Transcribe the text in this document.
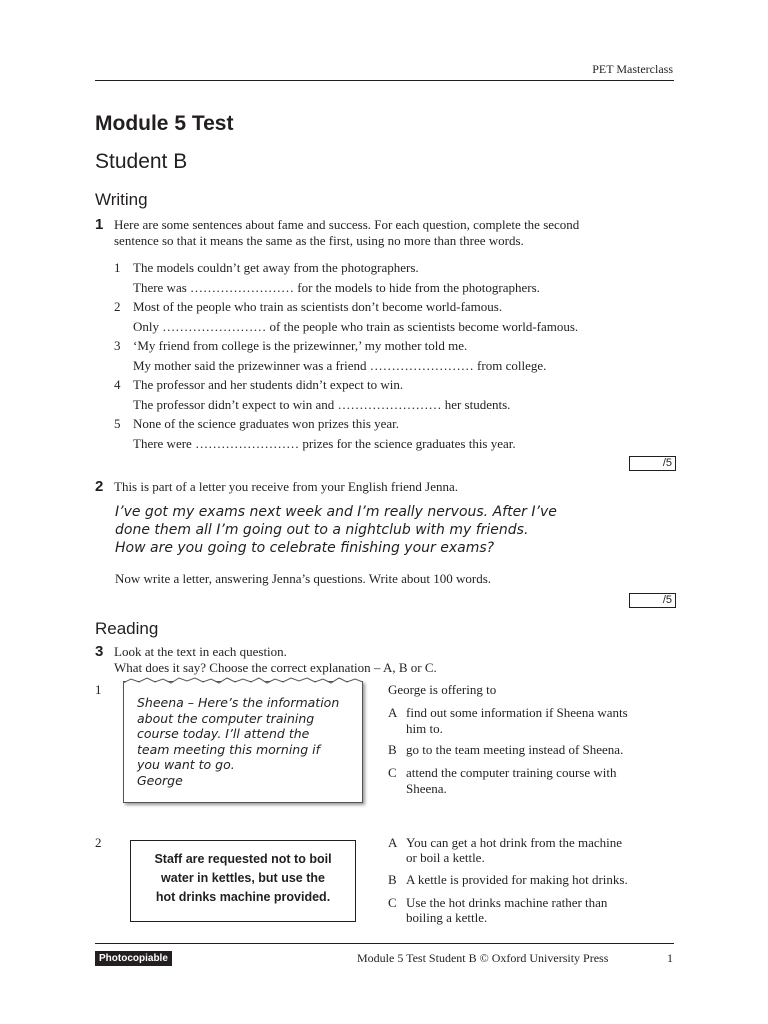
PET Masterclass
Module 5 Test
Student B
Writing
1 Here are some sentences about fame and success. For each question, complete the second
sentence so that it means the same as the first, using no more than three words.
1 The models couldn’t get away from the photographers.
There was …………………… for the models to hide from the photographers.
2 Most of the people who train as scientists don’t become world-famous.
Only …………………… of the people who train as scientists become world-famous.
3 ‘My friend from college is the prizewinner,’ my mother told me.
My mother said the prizewinner was a friend …………………… from college.
4 The professor and her students didn’t expect to win.
The professor didn’t expect to win and …………………… her students.
5 None of the science graduates won prizes this year.
There were …………………… prizes for the science graduates this year.
/5
2 This is part of a letter you receive from your English friend Jenna.
I’ve got my exams next week and I’m really nervous. After I’ve
done them all I’m going out to a nightclub with my friends.
How are you going to celebrate finishing your exams?
Now write a letter, answering Jenna’s questions. Write about 100 words.
/5
Reading
3 Look at the text in each question.
What does it say? Choose the correct explanation – A, B or C.
1
Sheena – Here’s the information
about the computer training
course today. I’ll attend the
team meeting this morning if
you want to go.
George
George is offering to
A find out some information if Sheena wants
him to.
B go to the team meeting instead of Sheena.
C attend the computer training course with
Sheena.
2
Staff are requested not to boil
water in kettles, but use the
hot drinks machine provided.
A You can get a hot drink from the machine
or boil a kettle.
B A kettle is provided for making hot drinks.
C Use the hot drinks machine rather than
boiling a kettle.
Photocopiable	Module 5 Test Student B © Oxford University Press	1
